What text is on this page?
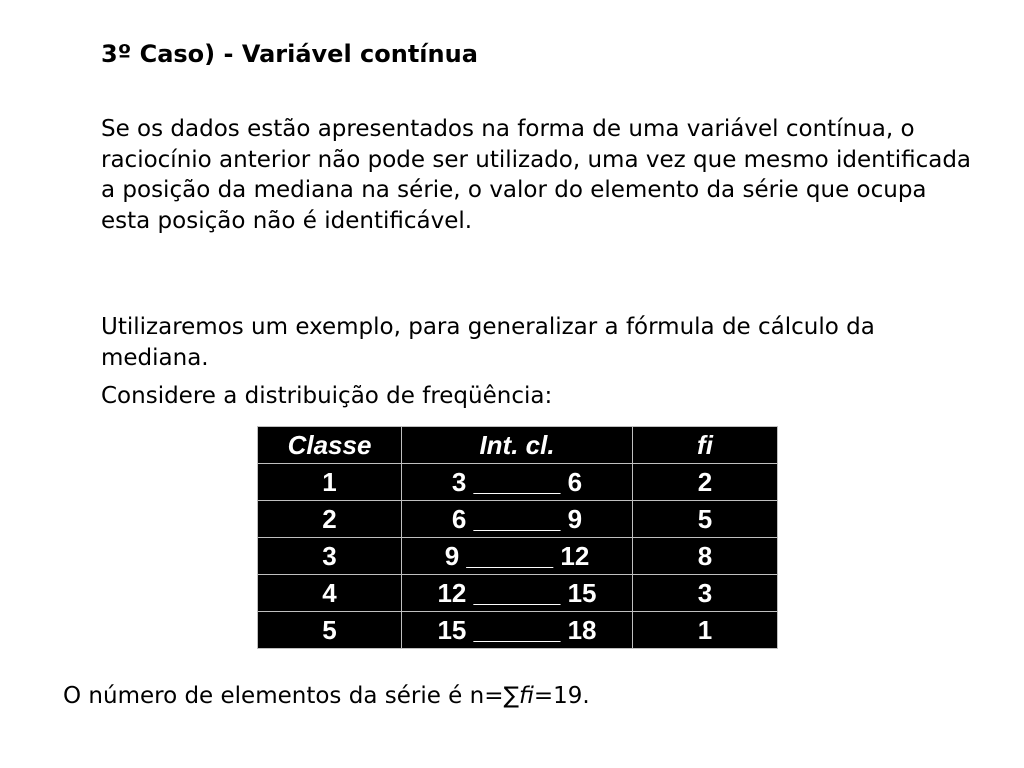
3º Caso) - Variável contínua

Se os dados estão apresentados na forma de uma variável contínua, o raciocínio anterior não pode ser utilizado, uma vez que mesmo identificada a posição da mediana na série, o valor do elemento da série que ocupa esta posição não é identificável.

Utilizaremos um exemplo, para generalizar a fórmula de cálculo da mediana.

Considere a distribuição de freqüência:

Classe	Int. cl.	fi
1	3 ______ 6	2
2	6 ______ 9	5
3	9 ______ 12	8
4	12 ______ 15	3
5	15 ______ 18	1

O número de elementos da série é n=∑fi=19.
